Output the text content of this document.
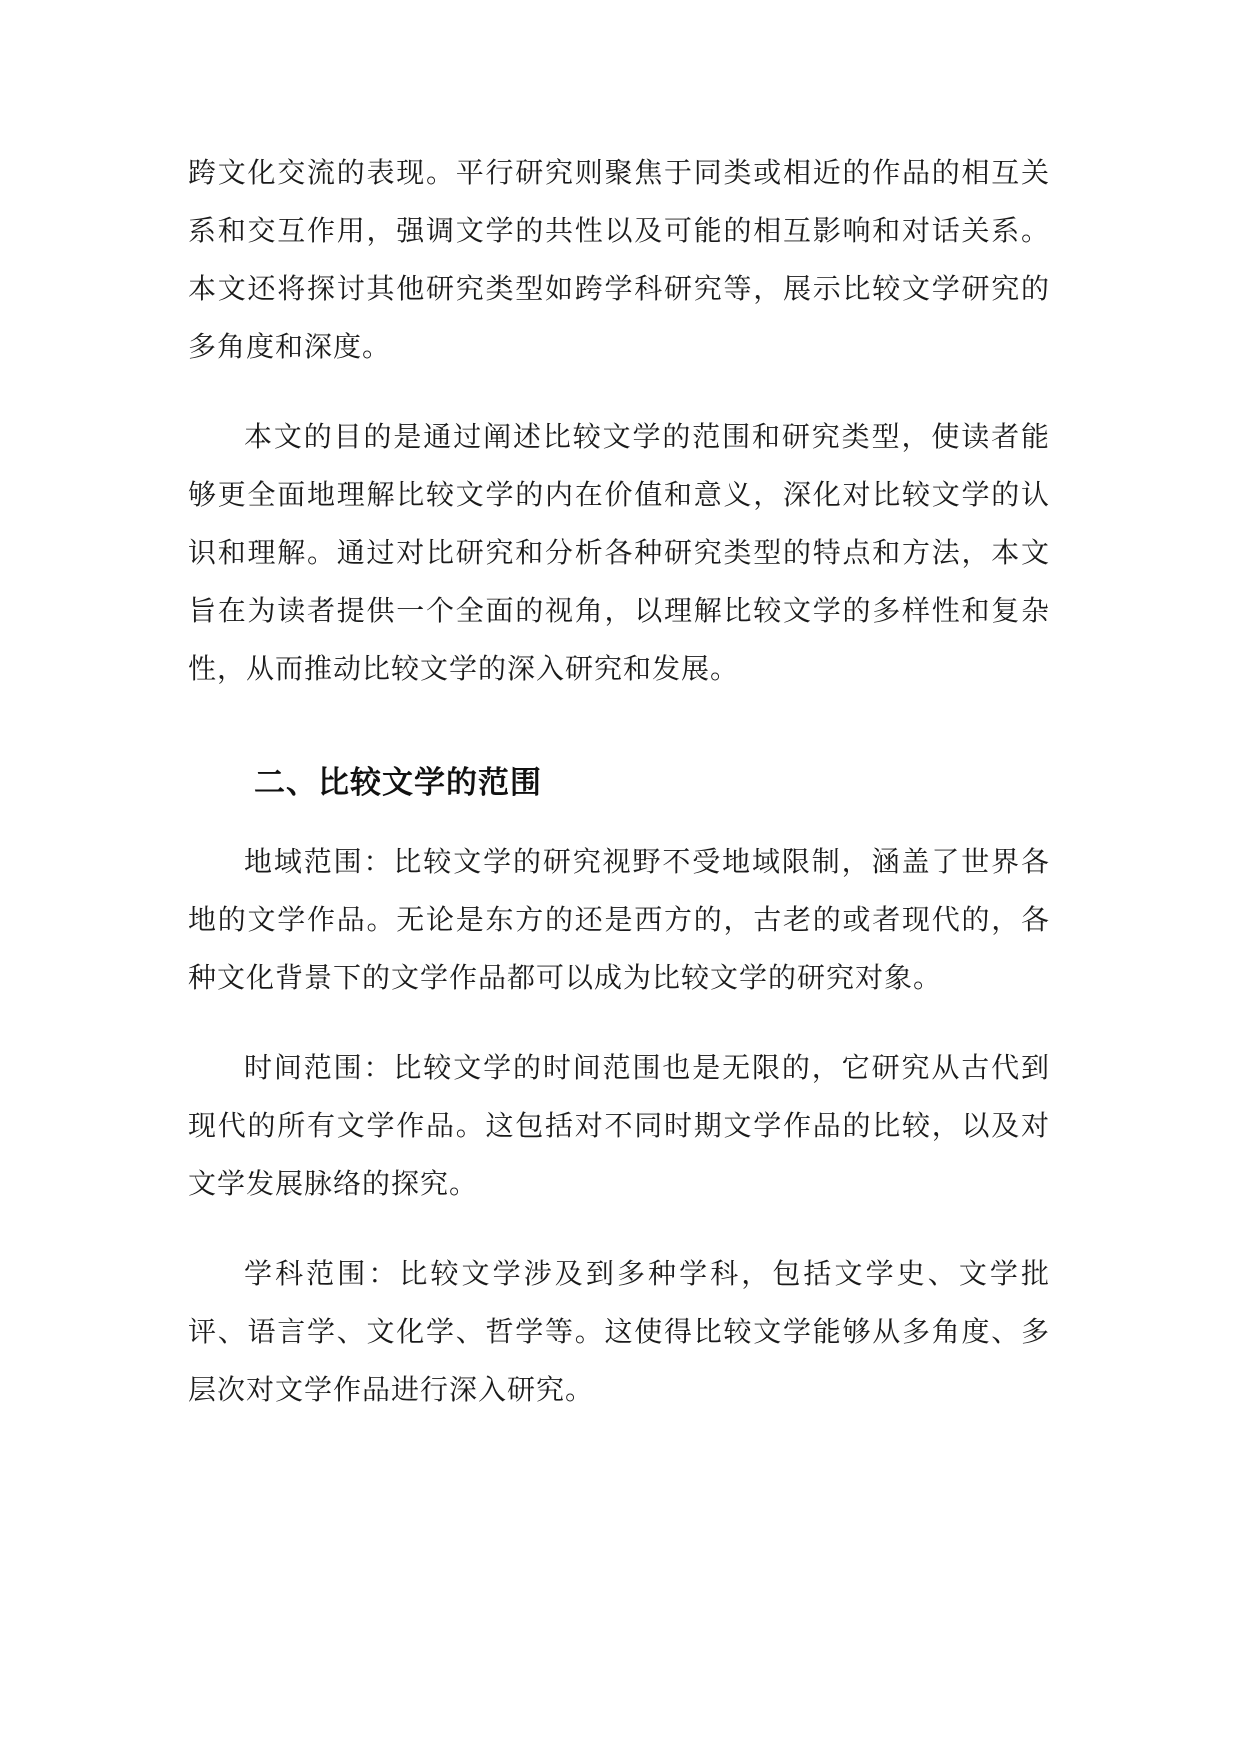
跨文化交流的表现。平行研究则聚焦于同类或相近的作品的相互关系和交互作用，强调文学的共性以及可能的相互影响和对话关系。本文还将探讨其他研究类型如跨学科研究等，展示比较文学研究的多角度和深度。

本文的目的是通过阐述比较文学的范围和研究类型，使读者能够更全面地理解比较文学的内在价值和意义，深化对比较文学的认识和理解。通过对比研究和分析各种研究类型的特点和方法，本文旨在为读者提供一个全面的视角，以理解比较文学的多样性和复杂性，从而推动比较文学的深入研究和发展。

二、比较文学的范围

地域范围：比较文学的研究视野不受地域限制，涵盖了世界各地的文学作品。无论是东方的还是西方的，古老的或者现代的，各种文化背景下的文学作品都可以成为比较文学的研究对象。

时间范围：比较文学的时间范围也是无限的，它研究从古代到现代的所有文学作品。这包括对不同时期文学作品的比较，以及对文学发展脉络的探究。

学科范围：比较文学涉及到多种学科，包括文学史、文学批评、语言学、文化学、哲学等。这使得比较文学能够从多角度、多层次对文学作品进行深入研究。
